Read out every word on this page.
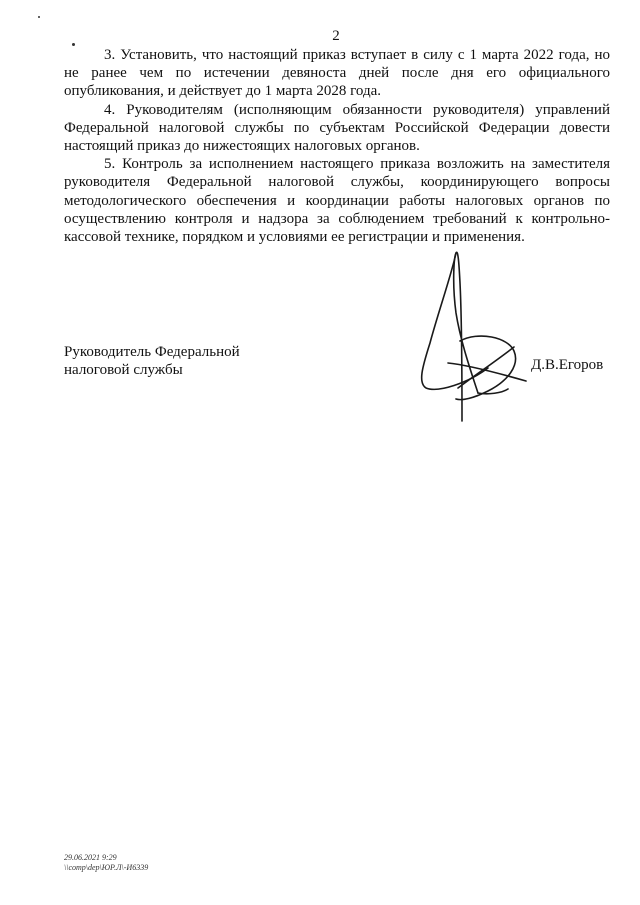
2

3. Установить, что настоящий приказ вступает в силу с 1 марта 2022 года, но не ранее чем по истечении девяноста дней после дня его официального опубликования, и действует до 1 марта 2028 года.

4. Руководителям (исполняющим обязанности руководителя) управлений Федеральной налоговой службы по субъектам Российской Федерации довести настоящий приказ до нижестоящих налоговых органов.

5. Контроль за исполнением настоящего приказа возложить на заместителя руководителя Федеральной налоговой службы, координирующего вопросы методологического обеспечения и координации работы налоговых органов по осуществлению контроля и надзора за соблюдением требований к контрольно-кассовой технике, порядком и условиями ее регистрации и применения.

Руководитель Федеральной
налоговой службы	Д.В.Егоров
29.06.2021 9:29
\\comp\dep\ЮР.Л\-И6339
